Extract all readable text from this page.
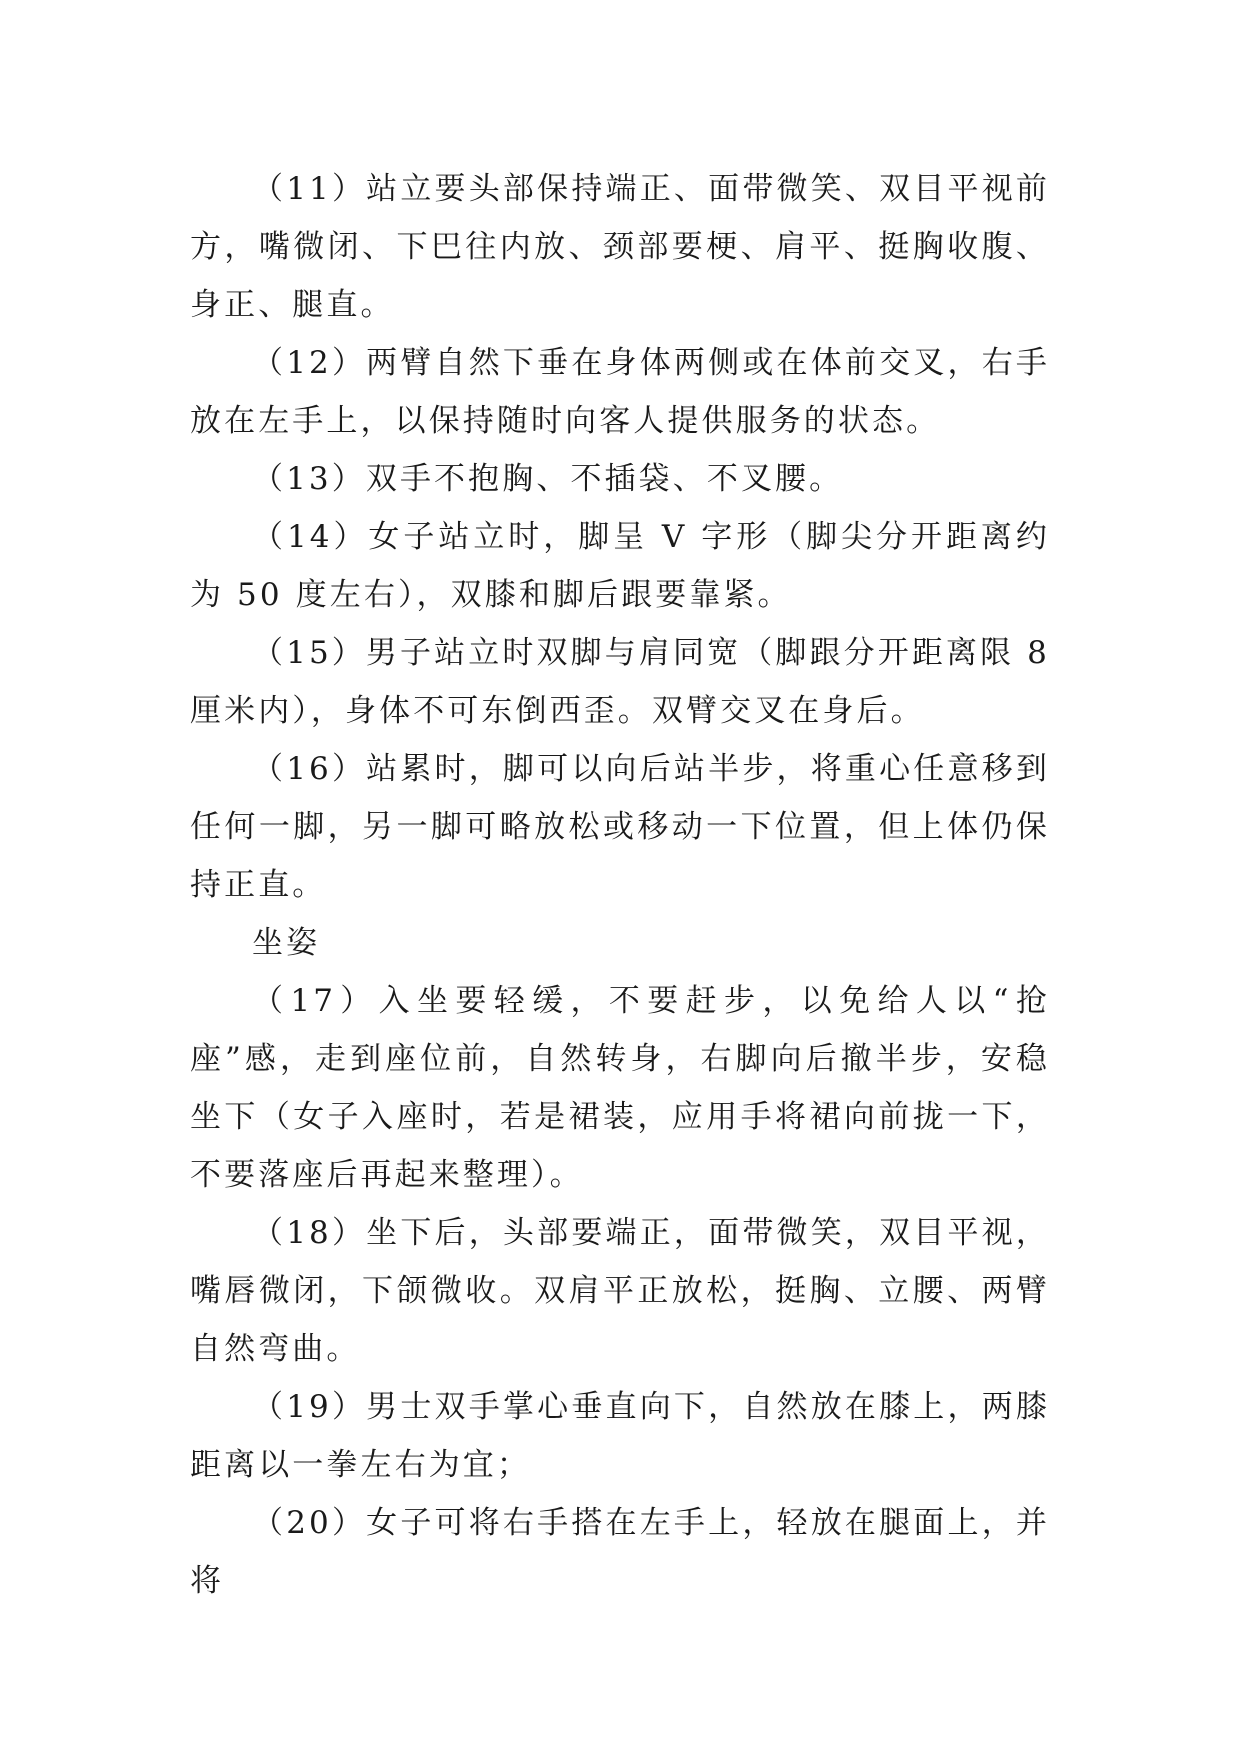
（11）站立要头部保持端正、面带微笑、双目平视前方，嘴微闭、下巴往内放、颈部要梗、肩平、挺胸收腹、身正、腿直。

（12）两臂自然下垂在身体两侧或在体前交叉，右手放在左手上，以保持随时向客人提供服务的状态。

（13）双手不抱胸、不插袋、不叉腰。

（14）女子站立时，脚呈 V 字形（脚尖分开距离约为 50 度左右），双膝和脚后跟要靠紧。

（15）男子站立时双脚与肩同宽（脚跟分开距离限 8 厘米内），身体不可东倒西歪。双臂交叉在身后。

（16）站累时，脚可以向后站半步，将重心任意移到任何一脚，另一脚可略放松或移动一下位置，但上体仍保持正直。

坐姿

（17）入坐要轻缓，不要赶步，以免给人以“抢座”感，走到座位前，自然转身，右脚向后撤半步，安稳坐下（女子入座时，若是裙装，应用手将裙向前拢一下，不要落座后再起来整理）。

（18）坐下后，头部要端正，面带微笑，双目平视，嘴唇微闭，下颌微收。双肩平正放松，挺胸、立腰、两臂自然弯曲。

（19）男士双手掌心垂直向下，自然放在膝上，两膝距离以一拳左右为宜；

（20）女子可将右手搭在左手上，轻放在腿面上，并将
